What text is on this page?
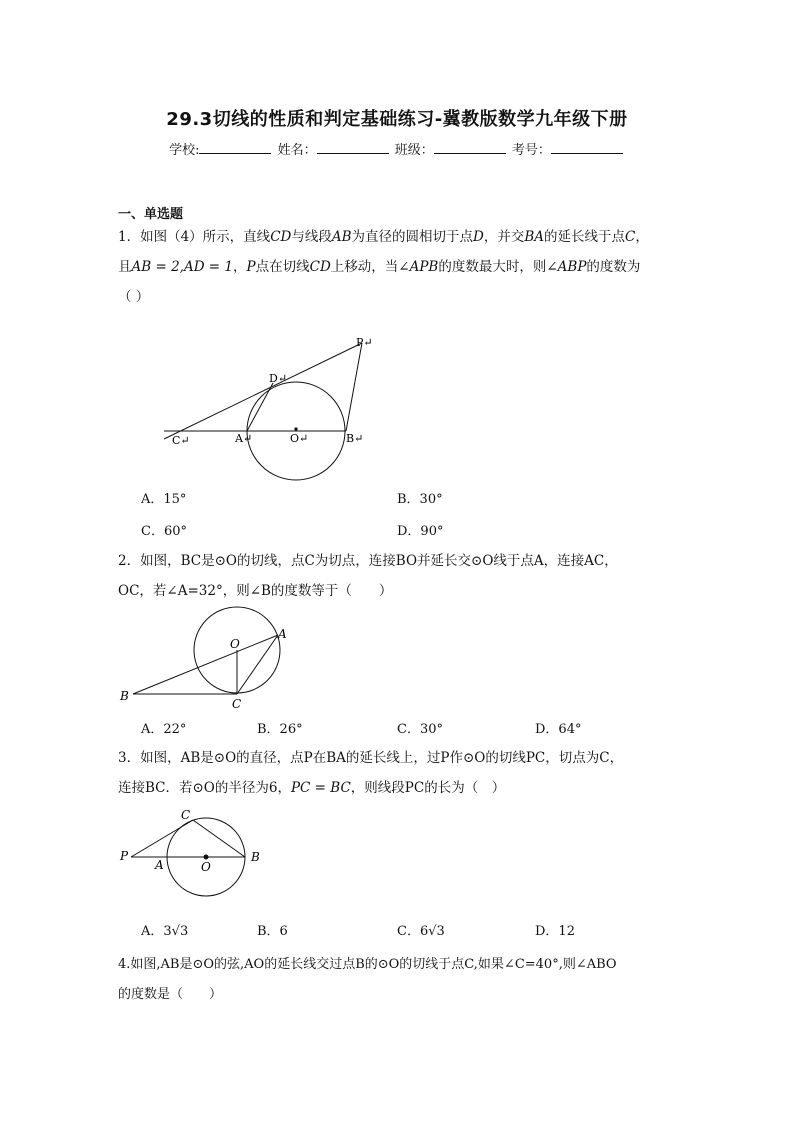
29.3切线的性质和判定基础练习-冀教版数学九年级下册
学校:	姓名：	班级：	考号：
一、单选题
1．如图（4）所示，直线CD与线段AB为直径的圆相切于点D，并交BA的延长线于点C，
且AB = 2,AD = 1，P点在切线CD上移动，当∠APB的度数最大时，则∠ABP的度数为
（ ）
P↵
D↵
C↵	A↵	O↵	B↵
A．15°	B．30°
C．60°	D．90°
2．如图，BC是⊙O的切线，点C为切点，连接BO并延长交⊙O线于点A，连接AC，
OC，若∠A=32°，则∠B的度数等于（　　）
O
A
B
C
A．22°	B．26°	C．30°	D．64°
3．如图，AB是⊙O的直径，点P在BA的延长线上，过P作⊙O的切线PC，切点为C，
连接BC．若⊙O的半径为6，PC = BC，则线段PC的长为（　）
C
P
A	O
B
A．3√3	B．6	C．6√3	D．12
4.如图,AB是⊙O的弦,AO的延长线交过点B的⊙O的切线于点C,如果∠C=40°,则∠ABO
的度数是（　　）
